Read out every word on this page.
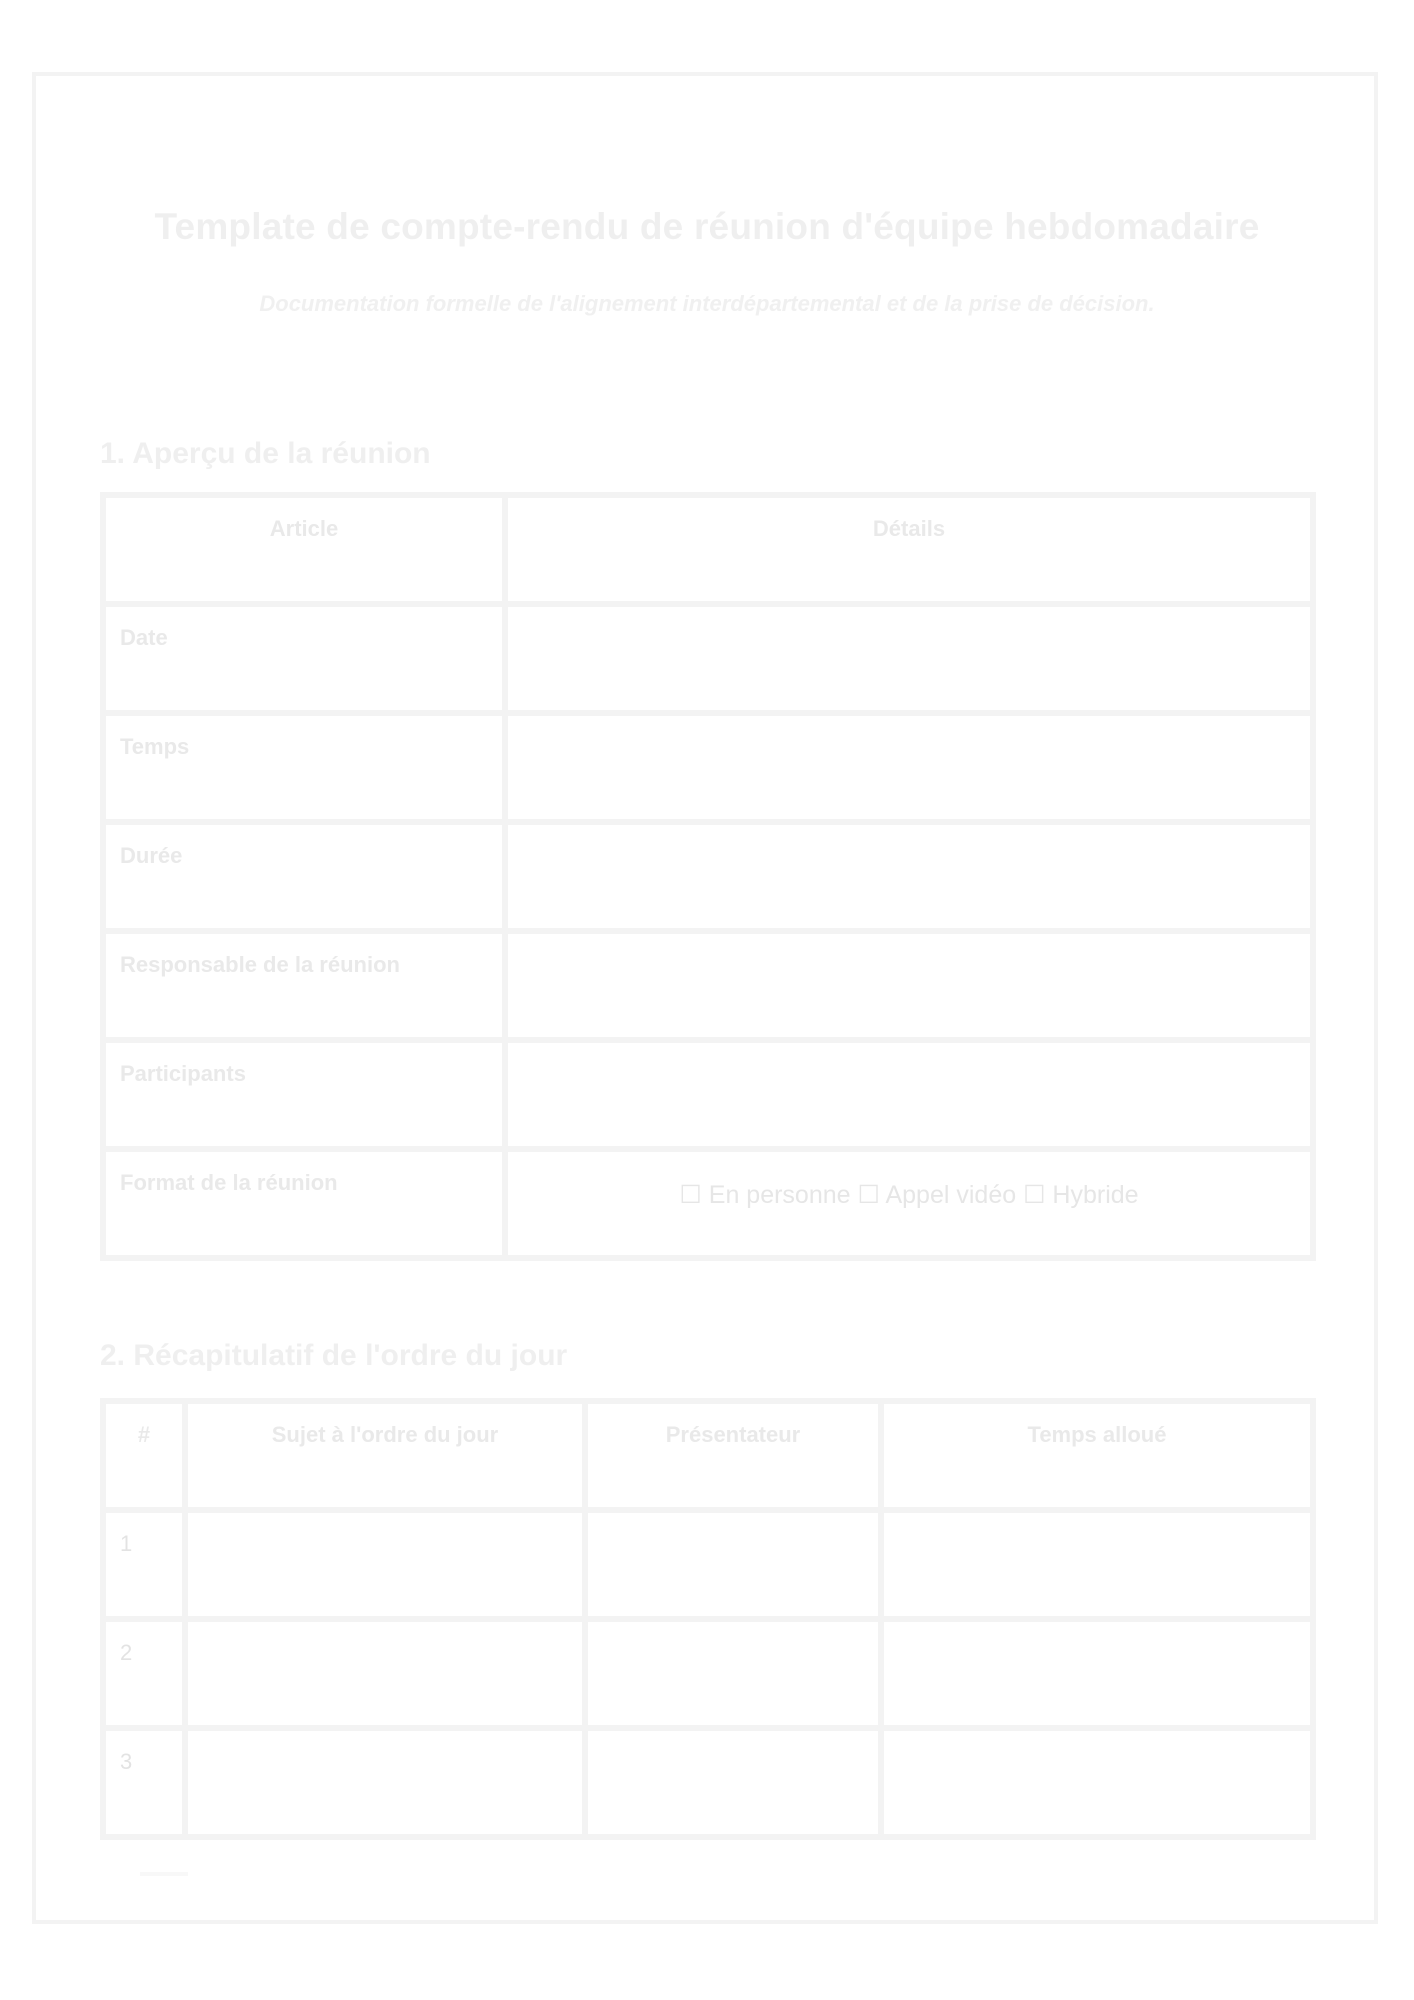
Template de compte-rendu de réunion d'équipe hebdomadaire

Documentation formelle de l'alignement interdépartemental et de la prise de décision.

1. Aperçu de la réunion
Article	Détails
Date	
Temps	
Durée	
Responsable de la réunion	
Participants	
Format de la réunion	☐ En personne ☐ Appel vidéo ☐ Hybride
2. Récapitulatif de l'ordre du jour
#	Sujet à l'ordre du jour	Présentateur	Temps alloué
1			
2			
3			
